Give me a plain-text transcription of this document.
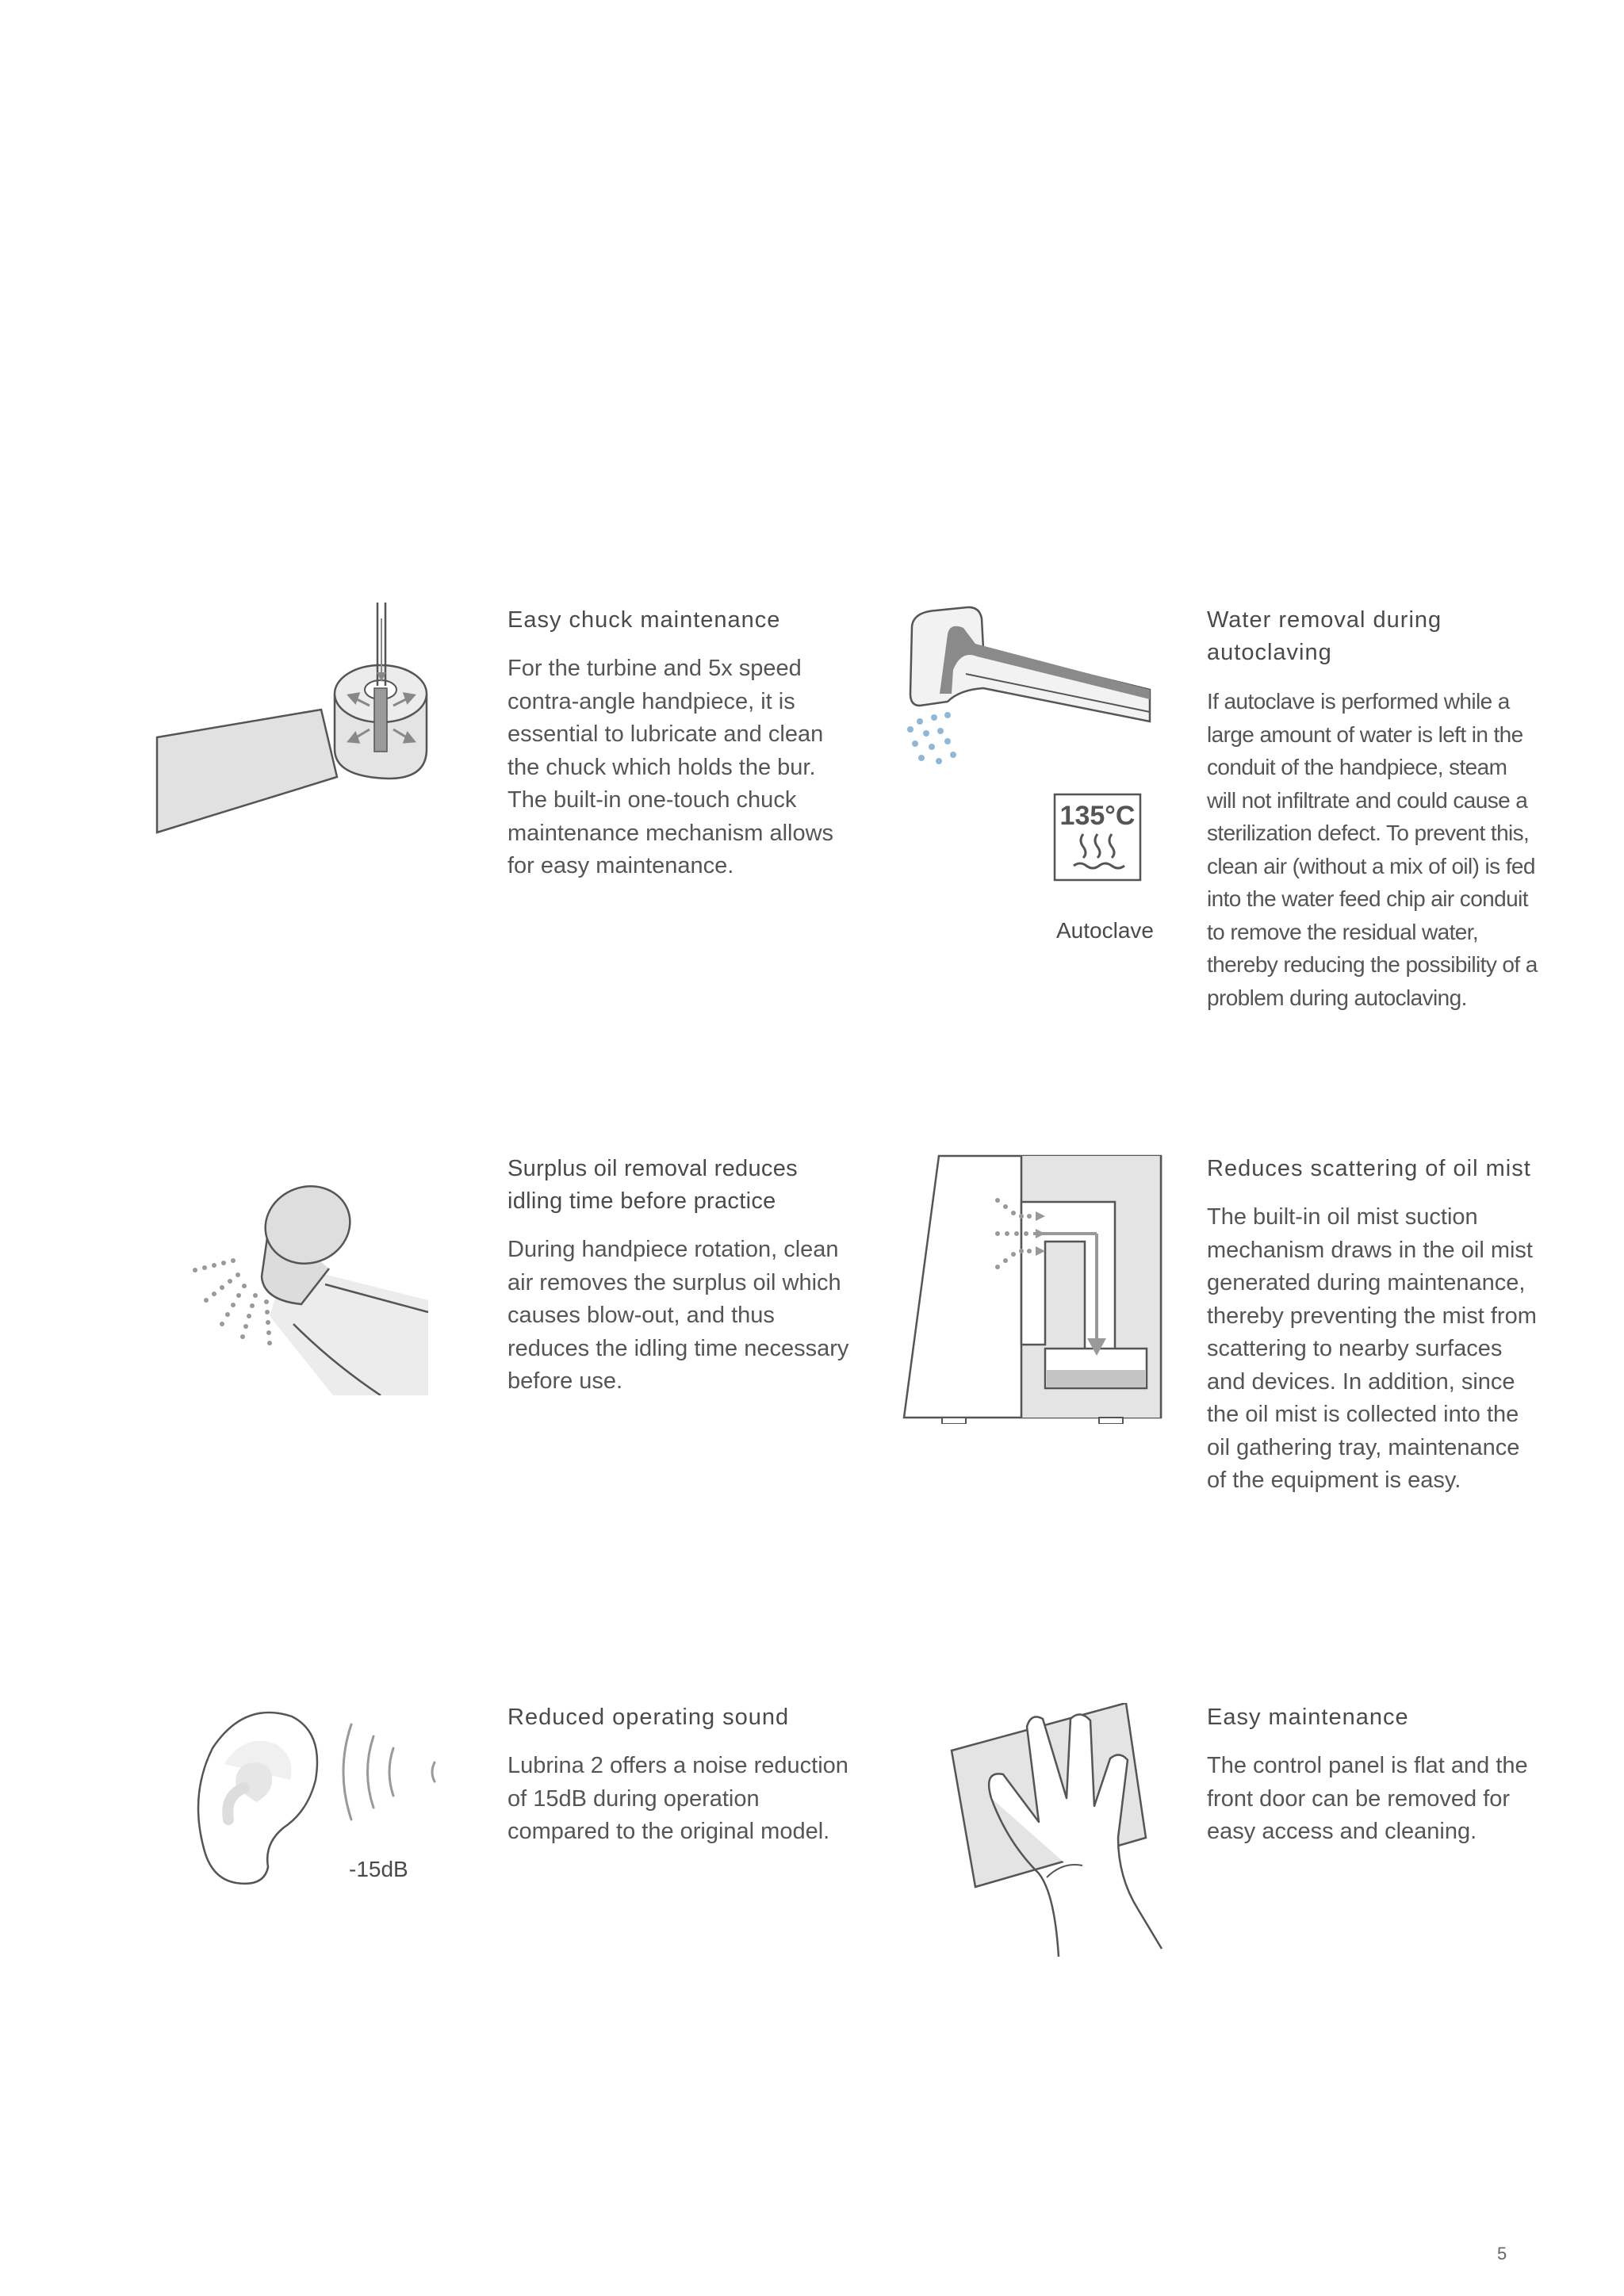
Easy chuck maintenance

For the turbine and 5x speed contra-angle handpiece, it is essential to lubricate and clean the chuck which holds the bur. The built-in one-touch chuck maintenance mechanism allows for easy maintenance.

135°C
Autoclave
Water removal during autoclaving

If autoclave is performed while a large amount of water is left in the conduit of the handpiece, steam will not infiltrate and could cause a sterilization defect. To prevent this, clean air (without a mix of oil) is fed into the water feed chip air conduit to remove the residual water, thereby reducing the possibility of a problem during autoclaving.

Surplus oil removal reduces idling time before practice

During handpiece rotation, clean air removes the surplus oil which causes blow-out, and thus reduces the idling time necessary before use.

Reduces scattering of oil mist

The built-in oil mist suction mechanism draws in the oil mist generated during maintenance, thereby preventing the mist from scattering to nearby surfaces and devices. In addition, since the oil mist is collected into the oil gathering tray, maintenance of the equipment is easy.

-15dB
Reduced operating sound

Lubrina 2 offers a noise reduction of 15dB during operation compared to the original model.

Easy maintenance

The control panel is flat and the front door can be removed for easy access and cleaning.

5
